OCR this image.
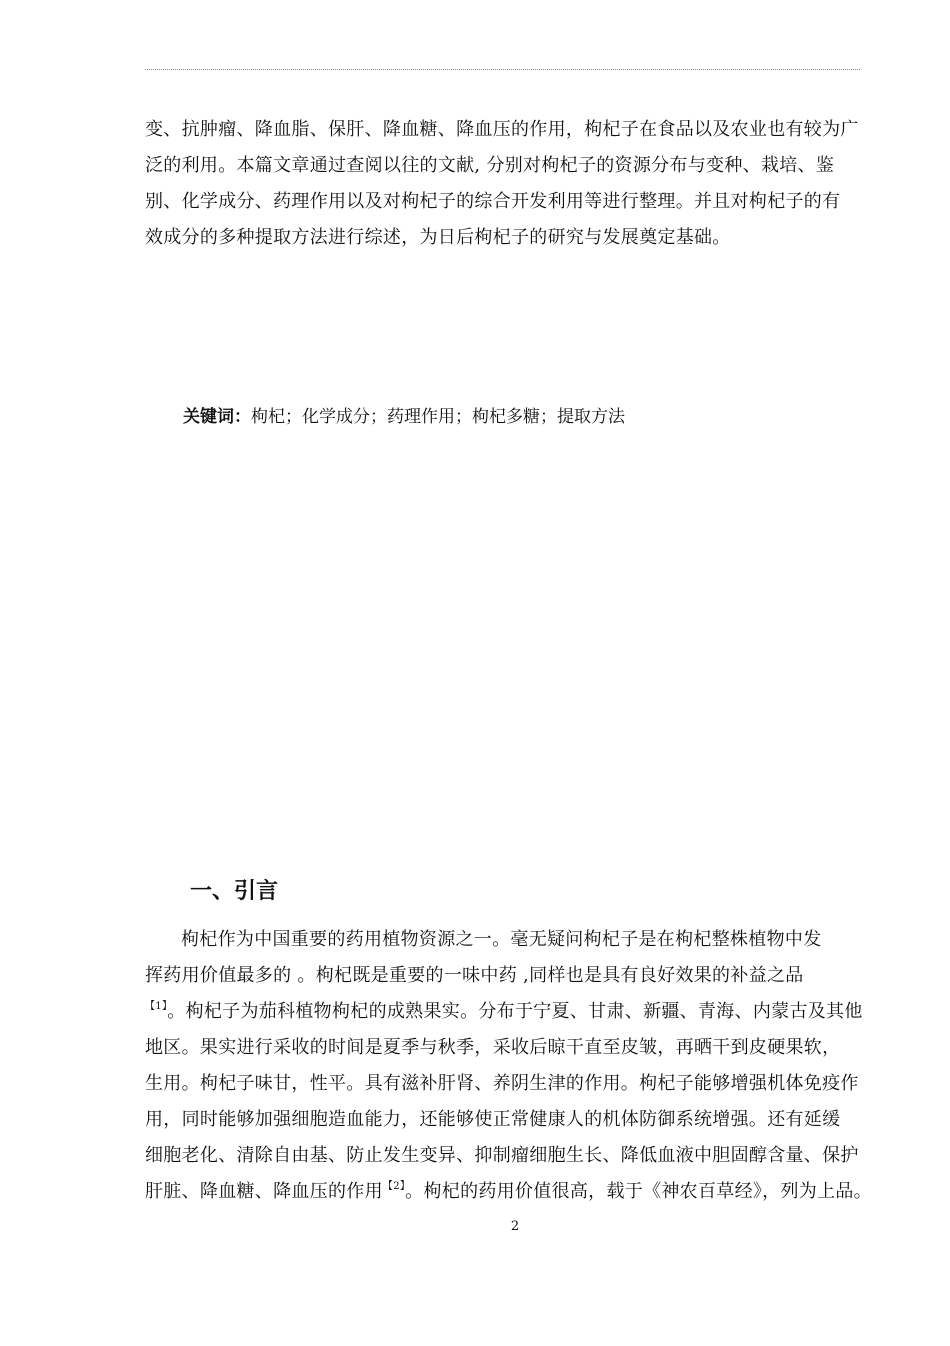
变、抗肿瘤、降血脂、保肝、降血糖、降血压的作用，枸杞子在食品以及农业也有较为广
泛的利用。本篇文章通过查阅以往的文献, 分别对枸杞子的资源分布与变种、栽培、鉴
别、化学成分、药理作用以及对枸杞子的综合开发利用等进行整理。并且对枸杞子的有
效成分的多种提取方法进行综述，为日后枸杞子的研究与发展奠定基础。
关键词：枸杞；化学成分；药理作用；枸杞多糖；提取方法
一、引言
枸杞作为中国重要的药用植物资源之一。毫无疑问枸杞子是在枸杞整株植物中发
挥药用价值最多的 。枸杞既是重要的一味中药 ,同样也是具有良好效果的补益之品
$^{【1】}$。枸杞子为茄科植物枸杞的成熟果实。分布于宁夏、甘肃、新疆、青海、内蒙古及其他
地区。果实进行采收的时间是夏季与秋季，采收后晾干直至皮皱，再晒干到皮硬果软，
生用。枸杞子味甘，性平。具有滋补肝肾、养阴生津的作用。枸杞子能够增强机体免疫作
用，同时能够加强细胞造血能力，还能够使正常健康人的机体防御系统增强。还有延缓
细胞老化、清除自由基、防止发生变异、抑制瘤细胞生长、降低血液中胆固醇含量、保护
肝脏、降血糖、降血压的作用$^{【2】}$。枸杞的药用价值很高，载于《神农百草经》，列为上品。
2
